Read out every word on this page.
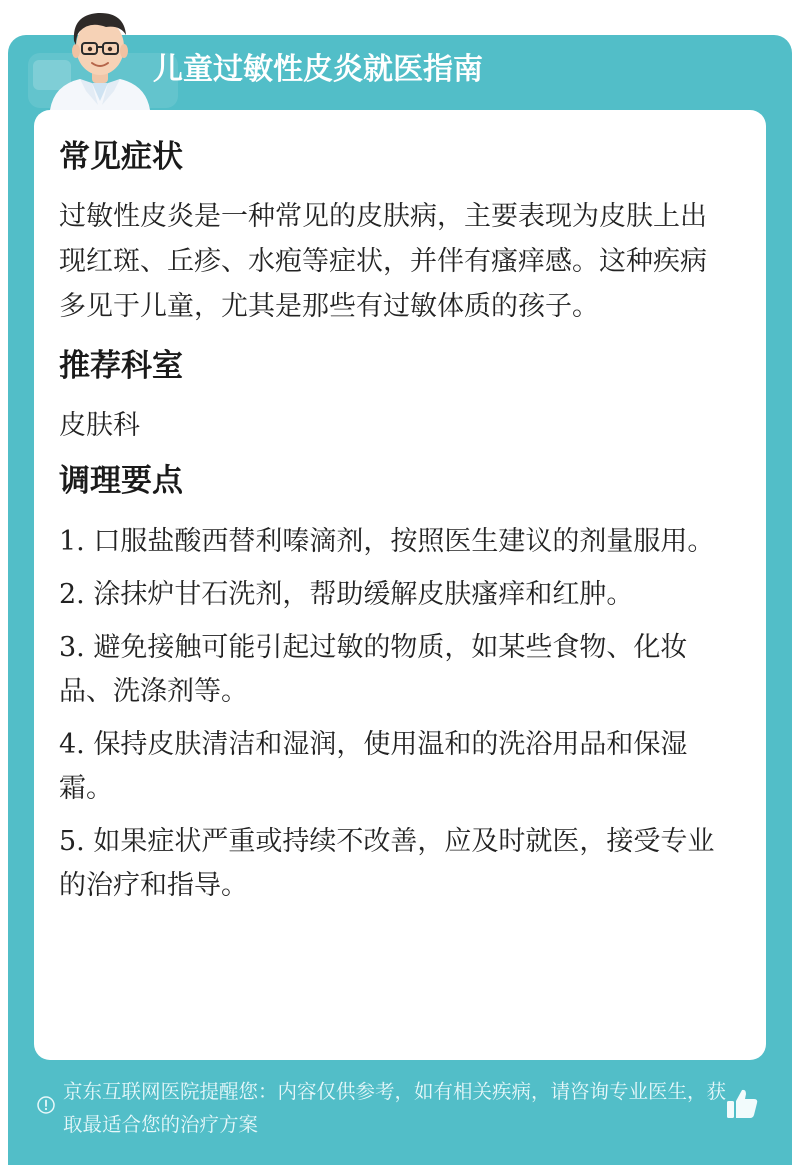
儿童过敏性皮炎就医指南
常见症状

过敏性皮炎是一种常见的皮肤病，主要表现为皮肤上出现红斑、丘疹、水疱等症状，并伴有瘙痒感。这种疾病多见于儿童，尤其是那些有过敏体质的孩子。

推荐科室

皮肤科

调理要点

1. 口服盐酸西替利嗪滴剂，按照医生建议的剂量服用。

2. 涂抹炉甘石洗剂，帮助缓解皮肤瘙痒和红肿。

3. 避免接触可能引起过敏的物质，如某些食物、化妆品、洗涤剂等。

4. 保持皮肤清洁和湿润，使用温和的洗浴用品和保湿霜。

5. 如果症状严重或持续不改善，应及时就医，接受专业的治疗和指导。

京东互联网医院提醒您：内容仅供参考，如有相关疾病，请咨询专业医生，获取最适合您的治疗方案
